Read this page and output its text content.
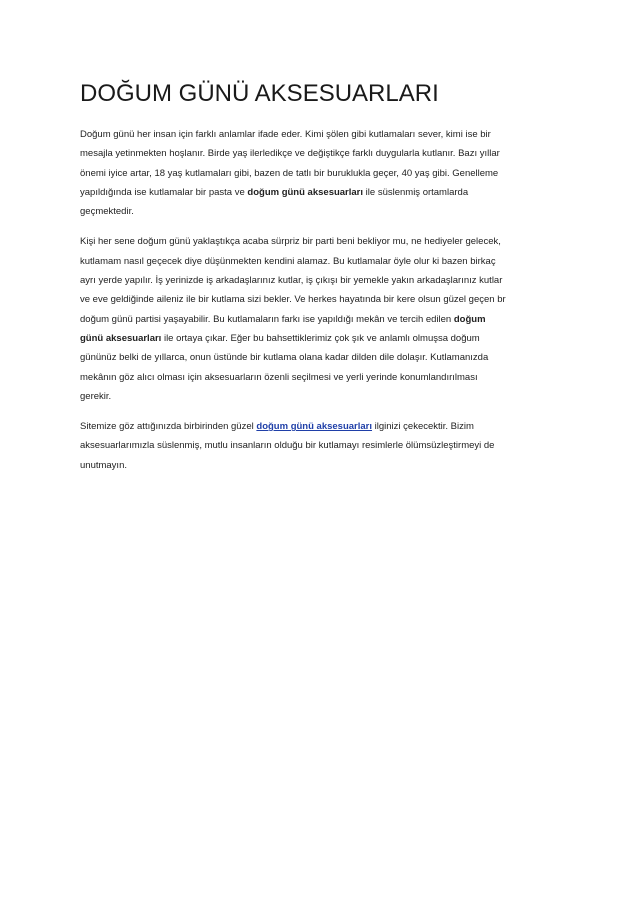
DOĞUM GÜNÜ AKSESUARLARI
Doğum günü her insan için farklı anlamlar ifade eder. Kimi şölen gibi kutlamaları sever, kimi ise bir
mesajla yetinmekten hoşlanır. Birde yaş ilerledikçe ve değiştikçe farklı duygularla kutlanır. Bazı yıllar
önemi iyice artar, 18 yaş kutlamaları gibi, bazen de tatlı bir buruklukla geçer, 40 yaş gibi. Genelleme
yapıldığında ise kutlamalar bir pasta ve doğum günü aksesuarları ile süslenmiş ortamlarda
geçmektedir.
Kişi her sene doğum günü yaklaştıkça acaba sürpriz bir parti beni bekliyor mu, ne hediyeler gelecek,
kutlamam nasıl geçecek diye düşünmekten kendini alamaz. Bu kutlamalar öyle olur ki bazen birkaç
ayrı yerde yapılır. İş yerinizde iş arkadaşlarınız kutlar, iş çıkışı bir yemekle yakın arkadaşlarınız kutlar
ve eve geldiğinde aileniz ile bir kutlama sizi bekler. Ve herkes hayatında bir kere olsun güzel geçen br
doğum günü partisi yaşayabilir. Bu kutlamaların farkı ise yapıldığı mekân ve tercih edilen doğum
günü aksesuarları ile ortaya çıkar. Eğer bu bahsettiklerimiz çok şık ve anlamlı olmuşsa doğum
gününüz belki de yıllarca, onun üstünde bir kutlama olana kadar dilden dile dolaşır. Kutlamanızda
mekânın göz alıcı olması için aksesuarların özenli seçilmesi ve yerli yerinde konumlandırılması
gerekir.
Sitemize göz attığınızda birbirinden güzel doğum günü aksesuarları ilginizi çekecektir. Bizim
aksesuarlarımızla süslenmiş, mutlu insanların olduğu bir kutlamayı resimlerle ölümsüzleştirmeyi de
unutmayın.
